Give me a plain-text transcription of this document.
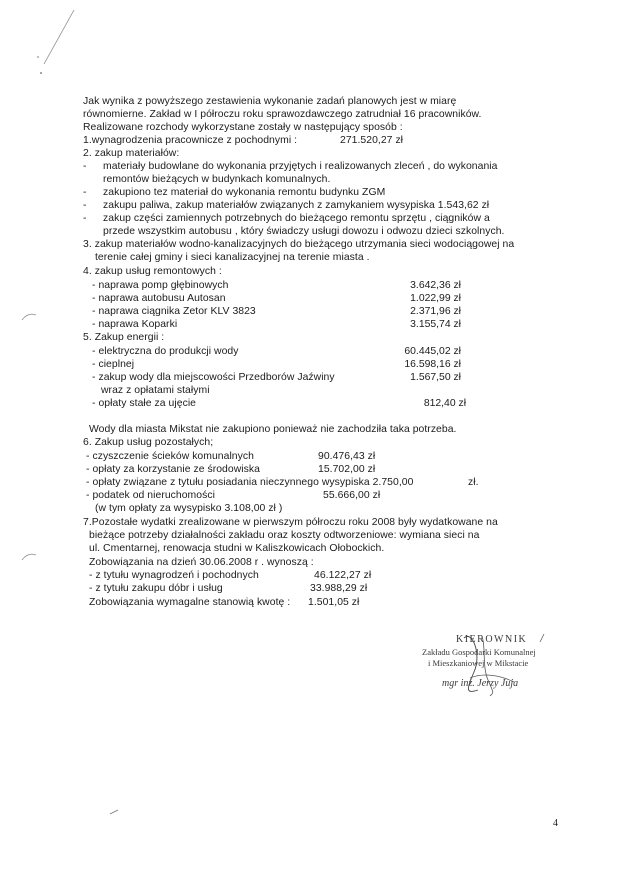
Jak wynika z powyższego zestawienia wykonanie zadań planowych jest w miarę
równomierne. Zakład w I półroczu roku sprawozdawczego zatrudniał 16 pracowników.
Realizowane rozchody wykorzystane zostały w następujący sposób :
1.wynagrodzenia pracownicze z pochodnymi :	271.520,27 zł
2. zakup materiałów:
- materiały budowlane do wykonania przyjętych i realizowanych zleceń , do wykonania
remontów bieżących w budynkach komunalnych.
- zakupiono tez materiał do wykonania remontu budynku ZGM
- zakupu paliwa, zakup materiałów związanych z zamykaniem wysypiska 1.543,62 zł
- zakup części zamiennych potrzebnych do bieżącego remontu sprzętu , ciągników a
przede wszystkim autobusu , który świadczy usługi dowozu i odwozu dzieci szkolnych.
3. zakup materiałów wodno-kanalizacyjnych do bieżącego utrzymania sieci wodociągowej na
terenie całej gminy i sieci kanalizacyjnej na terenie miasta .
4. zakup usług remontowych :
- naprawa pomp głębinowych	3.642,36 zł
- naprawa autobusu Autosan	1.022,99 zł
- naprawa ciągnika Zetor KLV 3823	2.371,96 zł
- naprawa Koparki	3.155,74 zł
5. Zakup energii :
- elektryczna do produkcji wody	60.445,02 zł
- cieplnej	16.598,16 zł
- zakup wody dla miejscowości Przedborów Jaźwiny	1.567,50 zł
wraz z opłatami stałymi
- opłaty stałe za ujęcie	812,40 zł
Wody dla miasta Mikstat nie zakupiono ponieważ nie zachodziła taka potrzeba.
6. Zakup usług pozostałych;
- czyszczenie ścieków komunalnych	90.476,43 zł
- opłaty za korzystanie ze środowiska	15.702,00 zł
- opłaty związane z tytułu posiadania nieczynnego wysypiska 2.750,00	zł.
- podatek od nieruchomości	55.666,00 zł
(w tym opłaty za wysypisko 3.108,00 zł )
7.Pozostałe wydatki zrealizowane w pierwszym półroczu roku 2008 były wydatkowane na
bieżące potrzeby działalności zakładu oraz koszty odtworzeniowe: wymiana sieci na
ul. Cmentarnej, renowacja studni w Kaliszkowicach Ołobockich.
Zobowiązania na dzień 30.06.2008 r . wynoszą :
- z tytułu wynagrodzeń i pochodnych	46.122,27 zł
- z tytułu zakupu dóbr i usług	33.988,29 zł
Zobowiązania wymagalne stanowią kwotę : 1.501,05 zł
KIEROWNIK
Zakładu Gospodarki Komunalnej
i Mieszkaniowej w Mikstacie
mgr inż. Jerzy Juja
4
